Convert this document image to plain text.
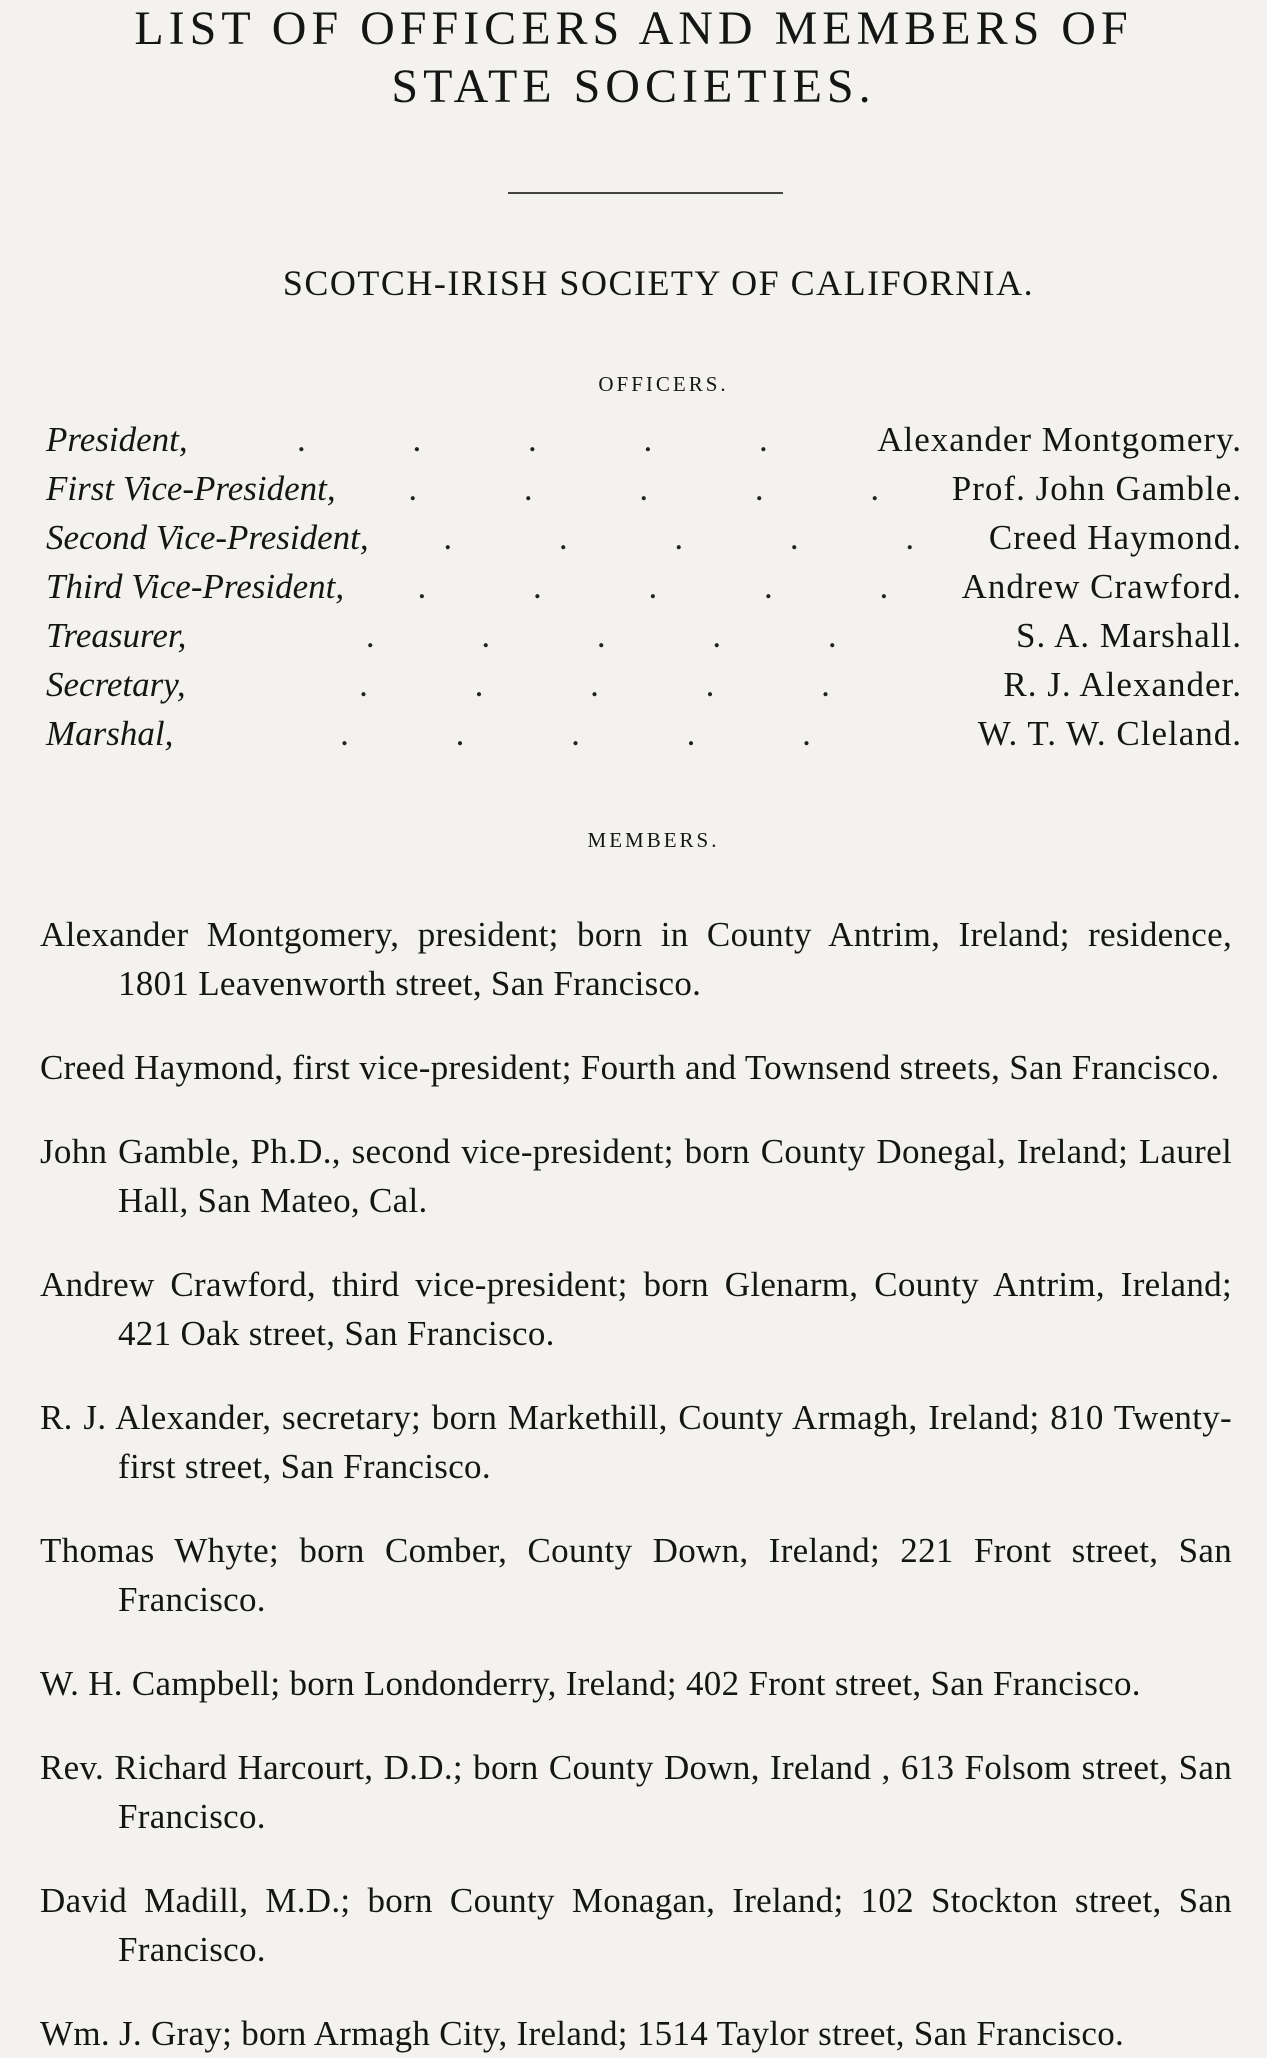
LIST OF OFFICERS AND MEMBERS OF
STATE SOCIETIES.
SCOTCH-IRISH SOCIETY OF CALIFORNIA.
OFFICERS.
President,	. . . . .	Alexander Montgomery.
First Vice-President,	. . . . .	Prof. John Gamble.
Second Vice-President,	. . . . .	Creed Haymond.
Third Vice-President,	. . . . .	Andrew Crawford.
Treasurer,	. . . . .	S. A. Marshall.
Secretary,	. . . . .	R. J. Alexander.
Marshal,	. . . . .	W. T. W. Cleland.
MEMBERS.

Alexander Montgomery, president; born in County Antrim, Ireland; residence, 1801 Leavenworth street, San Francisco.

Creed Haymond, first vice-president; Fourth and Townsend streets, San Francisco.

John Gamble, Ph.D., second vice-president; born County Donegal, Ireland; Laurel Hall, San Mateo, Cal.

Andrew Crawford, third vice-president; born Glenarm, County Antrim, Ireland; 421 Oak street, San Francisco.

R. J. Alexander, secretary; born Markethill, County Armagh, Ireland; 810 Twenty-first street, San Francisco.

Thomas Whyte; born Comber, County Down, Ireland; 221 Front street, San Francisco.

W. H. Campbell; born Londonderry, Ireland; 402 Front street, San Francisco.

Rev. Richard Harcourt, D.D.; born County Down, Ireland , 613 Folsom street, San Francisco.

David Madill, M.D.; born County Monagan, Ireland; 102 Stockton street, San Francisco.

Wm. J. Gray; born Armagh City, Ireland; 1514 Taylor street, San Francisco.
